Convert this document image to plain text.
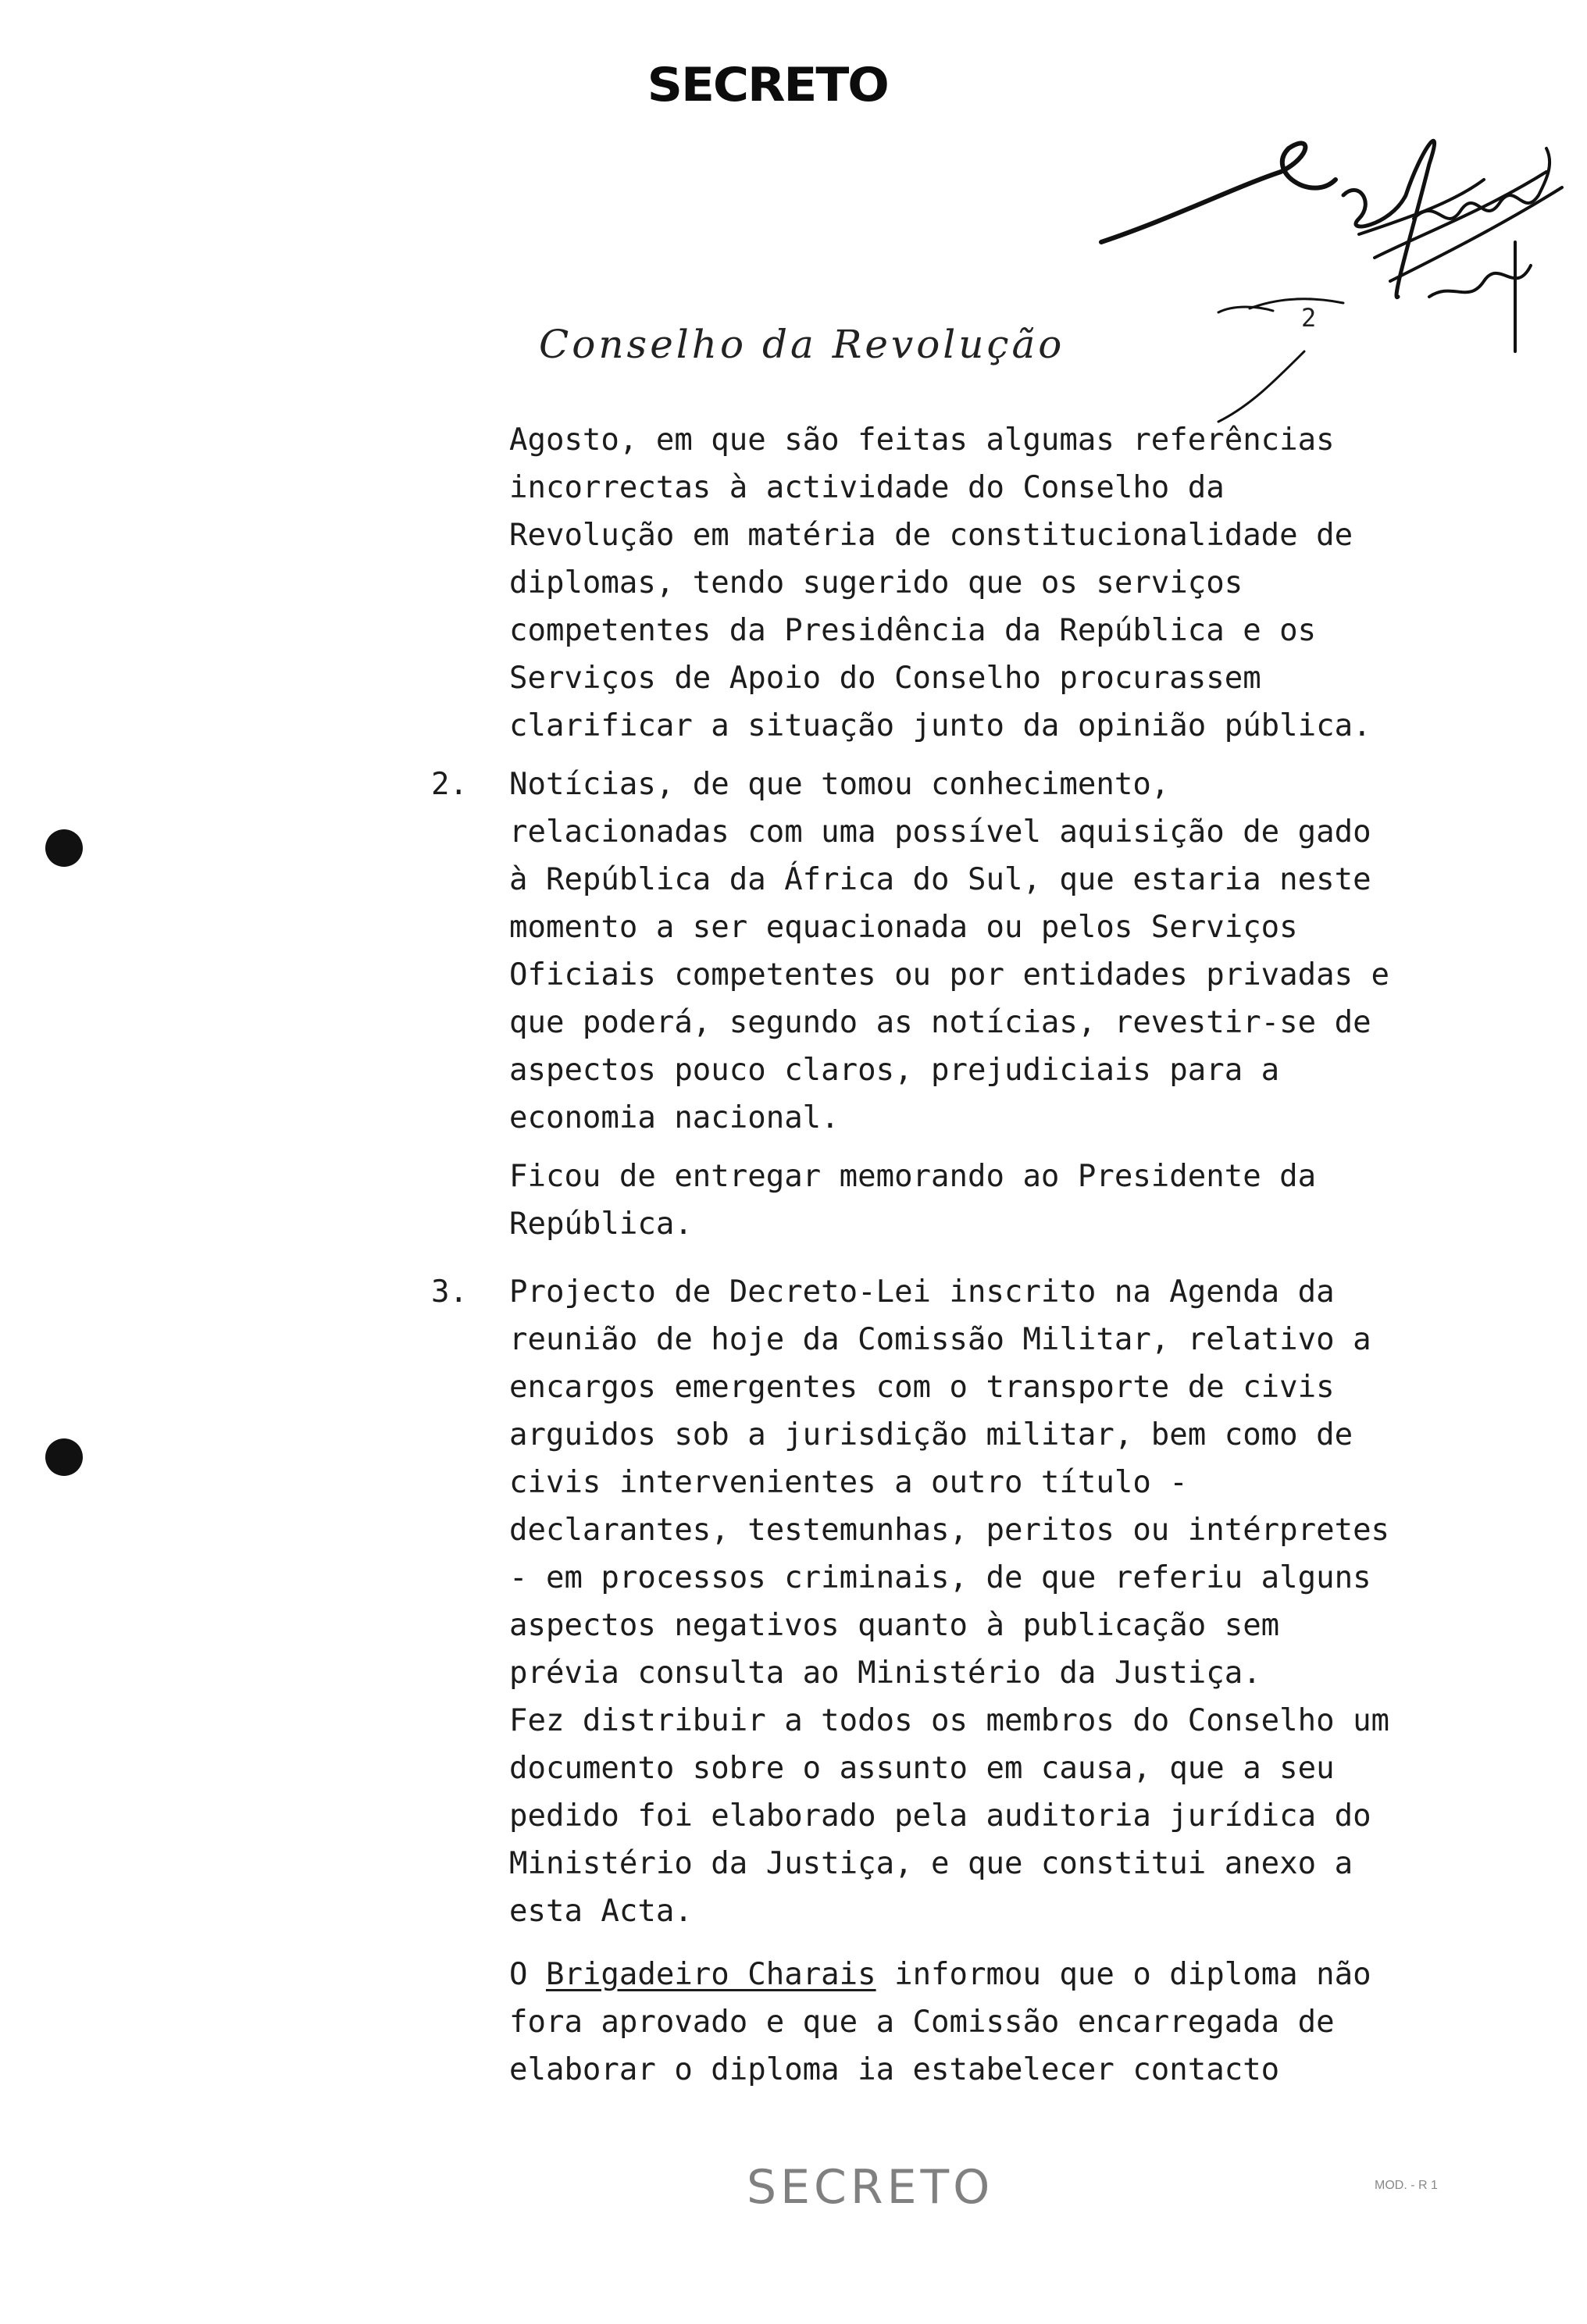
SECRETO
2
Conselho da Revolução

Agosto, em que são feitas algumas referências incorrectas à actividade do Conselho da Revolução em matéria de constitucionalidade de diplomas, tendo sugerido que os serviços competentes da Presidência da República e os Serviços de Apoio do Conselho procurassem clarificar a situação junto da opinião pública.

2. Notícias, de que tomou conhecimento, relacionadas com uma possível aquisição de gado à República da África do Sul, que estaria neste momento a ser equacionada ou pelos Serviços Oficiais competentes ou por entidades privadas e que poderá, segundo as notícias, revestir-se de aspectos pouco claros, prejudiciais para a economia nacional.

Ficou de entregar memorando ao Presidente da República.

3. Projecto de Decreto-Lei inscrito na Agenda da reunião de hoje da Comissão Militar, relativo a encargos emergentes com o transporte de civis arguidos sob a jurisdição militar, bem como de civis intervenientes a outro título - declarantes, testemunhas, peritos ou intérpretes - em processos criminais, de que referiu alguns aspectos negativos quanto à publicação sem prévia consulta ao Ministério da Justiça.

Fez distribuir a todos os membros do Conselho um documento sobre o assunto em causa, que a seu pedido foi elaborado pela auditoria jurídica do Ministério da Justiça, e que constitui anexo a esta Acta.

O Brigadeiro Charais informou que o diploma não fora aprovado e que a Comissão encarregada de elaborar o diploma ia estabelecer contacto

SECRETO	MOD. - R 1
